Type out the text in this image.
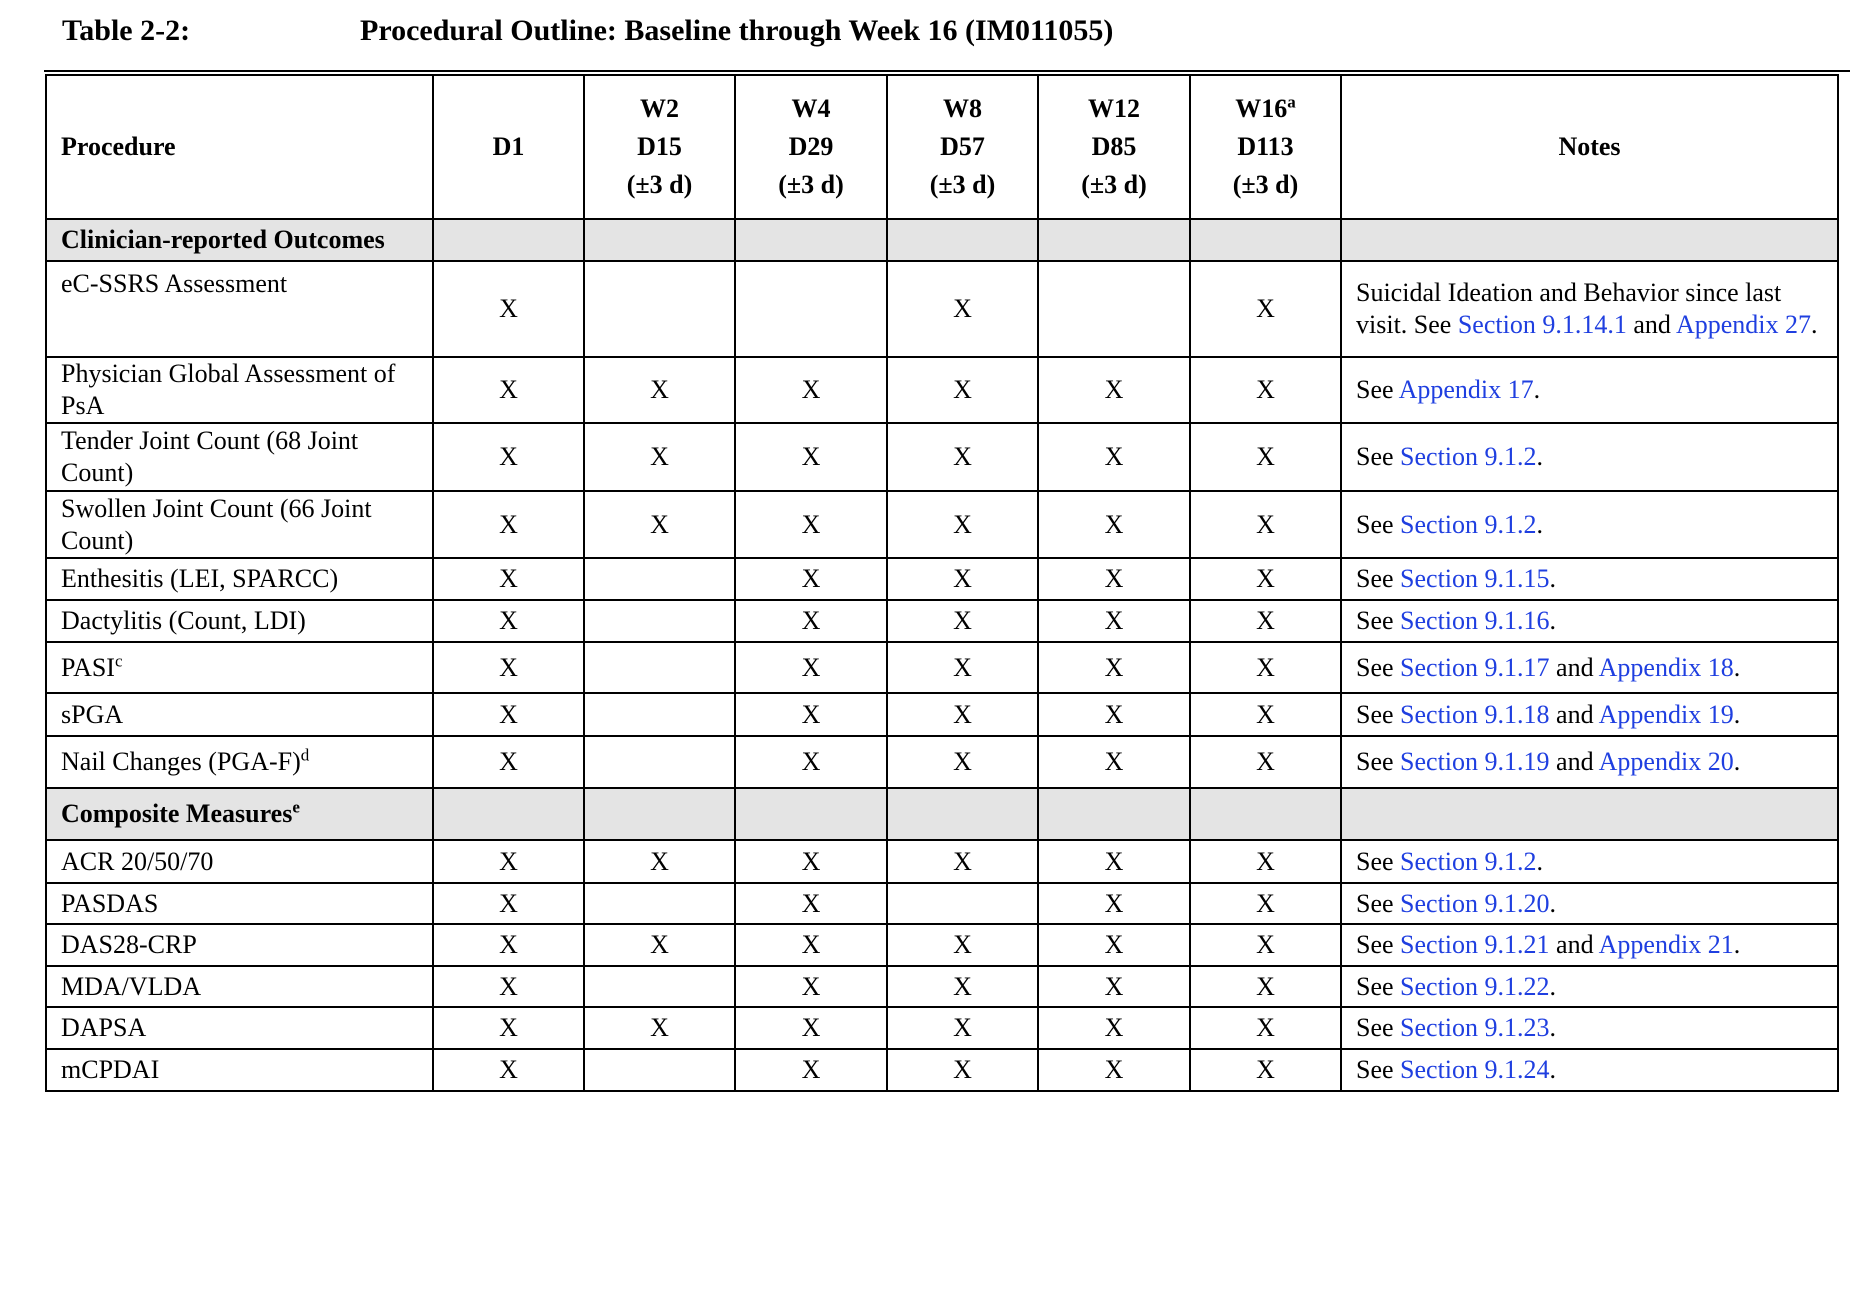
Table 2-2:	Procedural Outline: Baseline through Week 16 (IM011055)
Procedure	D1	W2
D15
(±3 d)	W4
D29
(±3 d)	W8
D57
(±3 d)	W12
D85
(±3 d)	W16$^a$
D113
(±3 d)	Notes
Clinician-reported Outcomes							
eC-SSRS Assessment	X			X		X	Suicidal Ideation and Behavior since last visit. See Section 9.1.14.1 and Appendix 27.
Physician Global Assessment of PsA	X	X	X	X	X	X	See Appendix 17.
Tender Joint Count (68 Joint Count)	X	X	X	X	X	X	See Section 9.1.2.
Swollen Joint Count (66 Joint Count)	X	X	X	X	X	X	See Section 9.1.2.
Enthesitis (LEI, SPARCC)	X		X	X	X	X	See Section 9.1.15.
Dactylitis (Count, LDI)	X		X	X	X	X	See Section 9.1.16.
PASI$^c$	X		X	X	X	X	See Section 9.1.17 and Appendix 18.
sPGA	X		X	X	X	X	See Section 9.1.18 and Appendix 19.
Nail Changes $(PGA-F)^d$	X		X	X	X	X	See Section 9.1.19 and Appendix 20.
Composite Measures$^e$							
ACR 20/50/70	X	X	X	X	X	X	See Section 9.1.2.
PASDAS	X		X		X	X	See Section 9.1.20.
DAS28-CRP	X	X	X	X	X	X	See Section 9.1.21 and Appendix 21.
MDA/VLDA	X		X	X	X	X	See Section 9.1.22.
DAPSA	X	X	X	X	X	X	See Section 9.1.23.
mCPDAI	X		X	X	X	X	See Section 9.1.24.
